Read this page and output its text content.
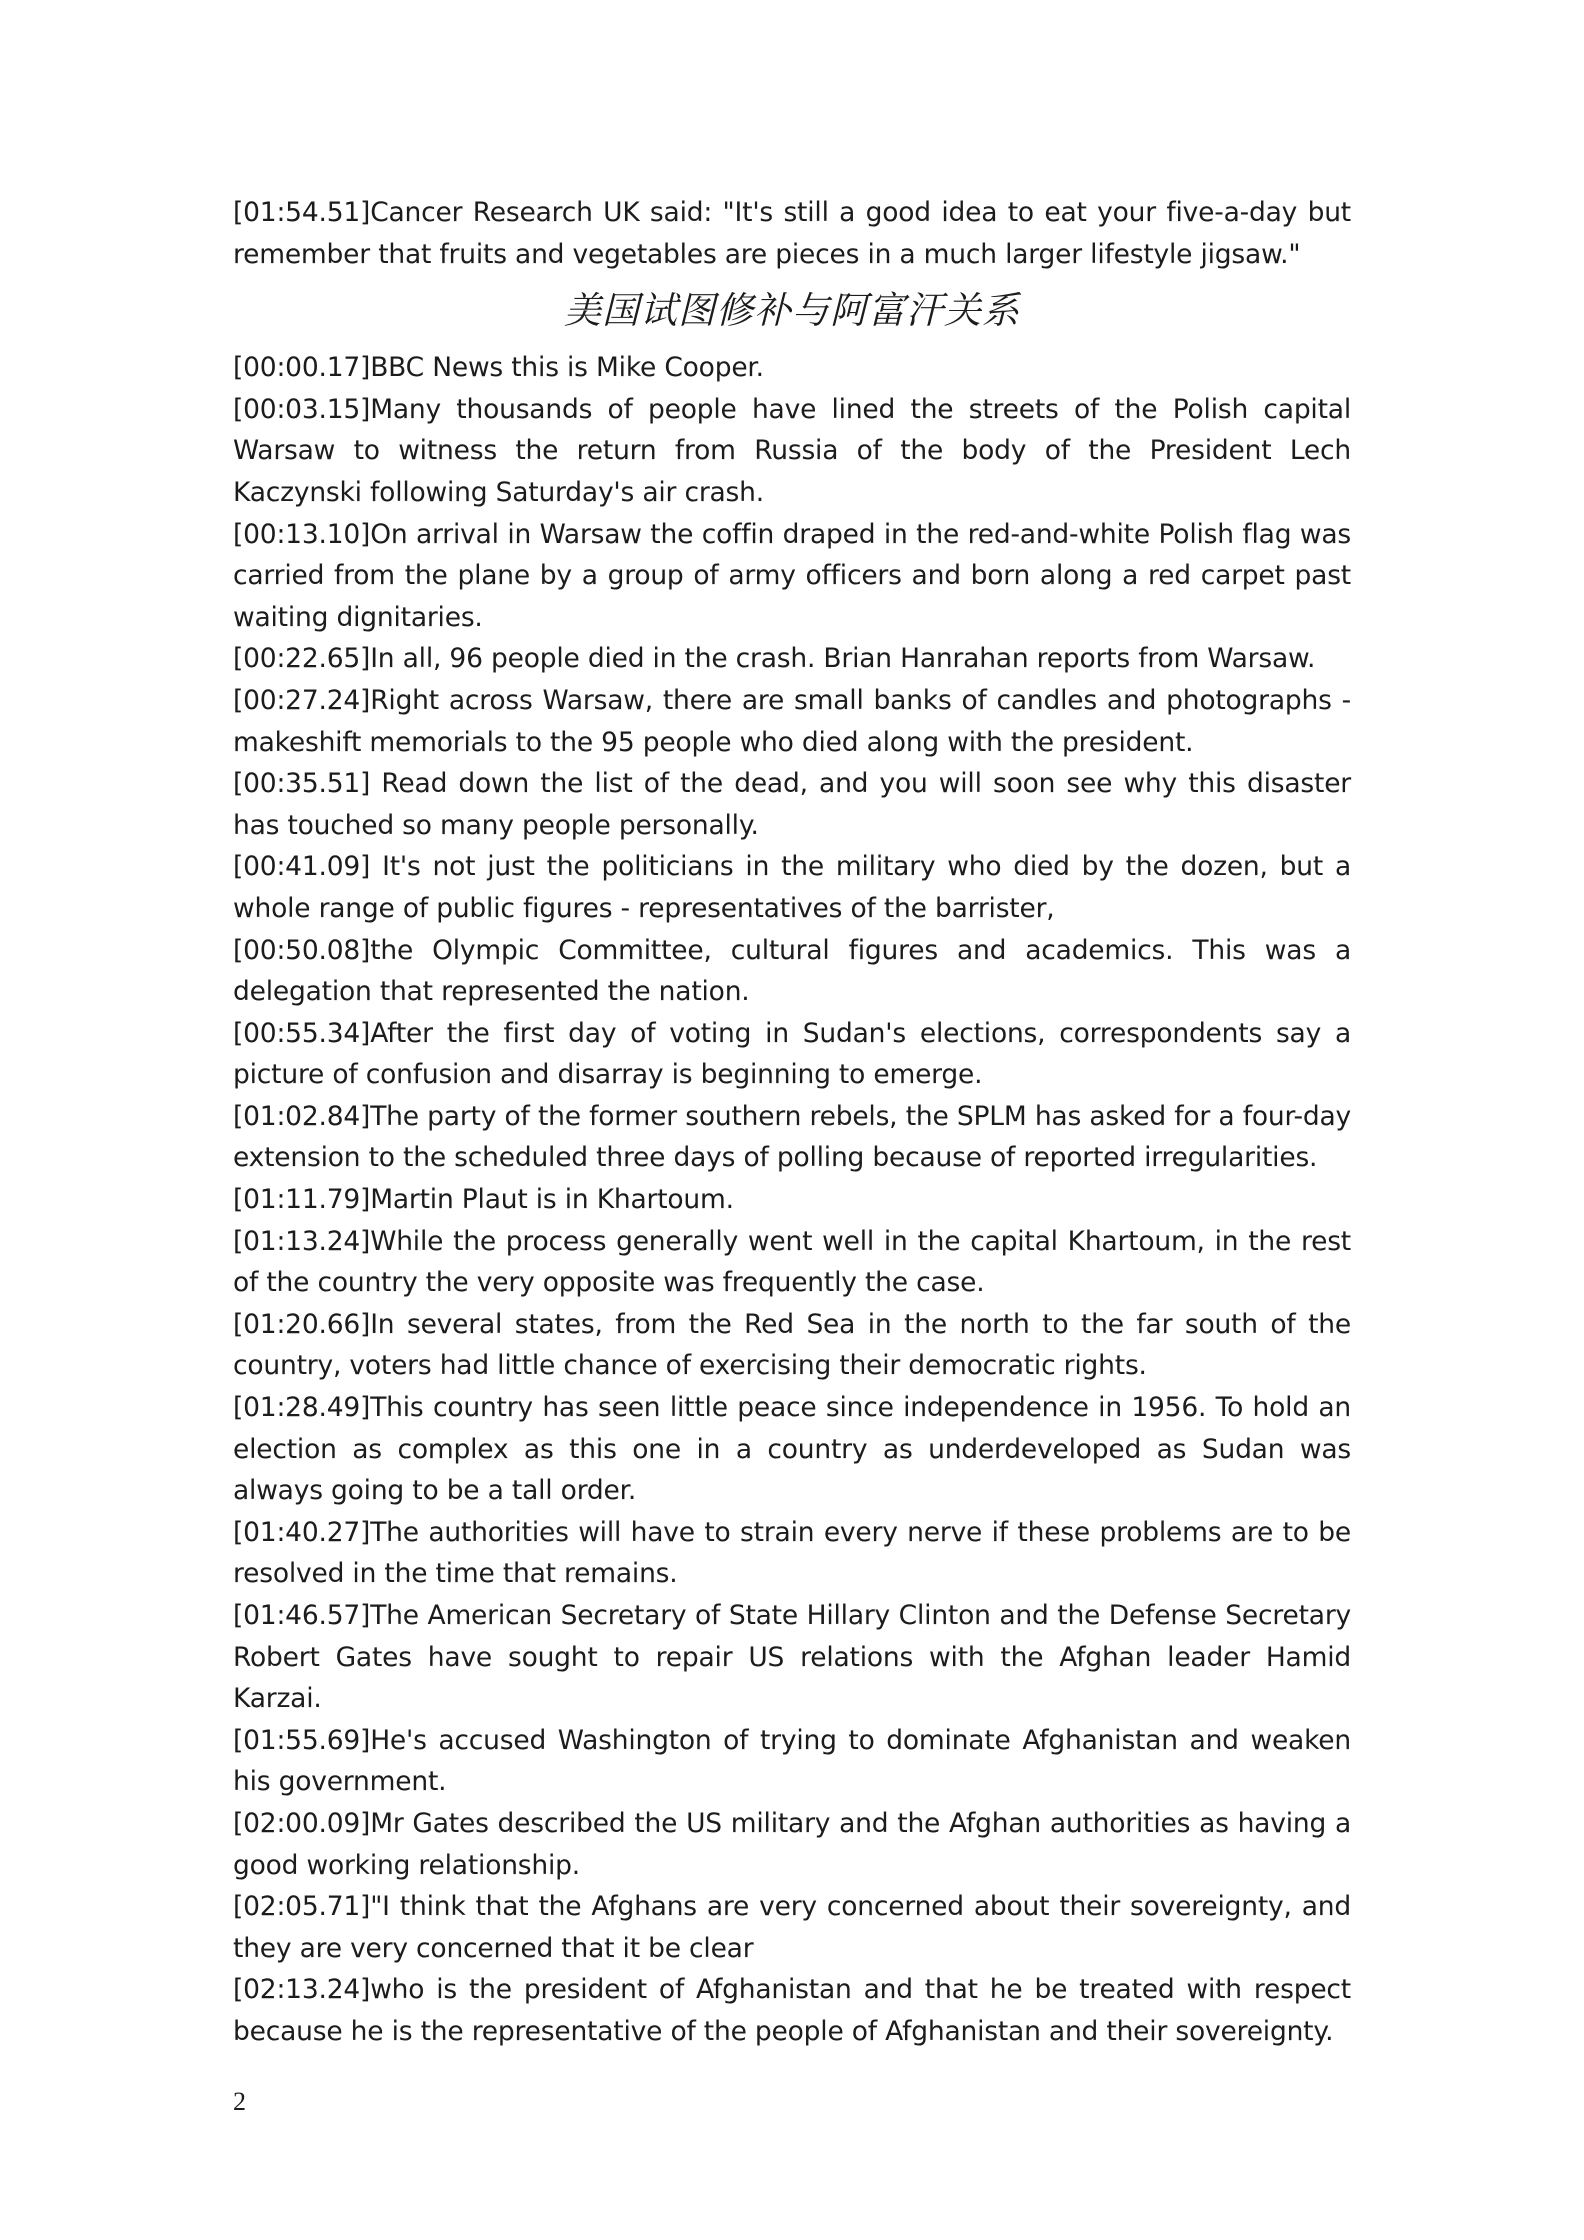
[01:54.51]Cancer Research UK said: "It's still a good idea to eat your five-a-day but remember that fruits and vegetables are pieces in a much larger lifestyle jigsaw."

美国试图修补与阿富汗关系

[00:00.17]BBC News this is Mike Cooper.

[00:03.15]Many thousands of people have lined the streets of the Polish capital Warsaw to witness the return from Russia of the body of the President Lech Kaczynski following Saturday's air crash.

[00:13.10]On arrival in Warsaw the coffin draped in the red-and-white Polish flag was carried from the plane by a group of army officers and born along a red carpet past waiting dignitaries.

[00:22.65]In all, 96 people died in the crash. Brian Hanrahan reports from Warsaw.

[00:27.24]Right across Warsaw, there are small banks of candles and photographs - makeshift memorials to the 95 people who died along with the president.

[00:35.51] Read down the list of the dead, and you will soon see why this disaster has touched so many people personally.

[00:41.09] It's not just the politicians in the military who died by the dozen, but a whole range of public figures - representatives of the barrister,

[00:50.08]the Olympic Committee, cultural figures and academics. This was a delegation that represented the nation.

[00:55.34]After the first day of voting in Sudan's elections, correspondents say a picture of confusion and disarray is beginning to emerge.

[01:02.84]The party of the former southern rebels, the SPLM has asked for a four-day extension to the scheduled three days of polling because of reported irregularities.

[01:11.79]Martin Plaut is in Khartoum.

[01:13.24]While the process generally went well in the capital Khartoum, in the rest of the country the very opposite was frequently the case.

[01:20.66]In several states, from the Red Sea in the north to the far south of the country, voters had little chance of exercising their democratic rights.

[01:28.49]This country has seen little peace since independence in 1956. To hold an election as complex as this one in a country as underdeveloped as Sudan was always going to be a tall order.

[01:40.27]The authorities will have to strain every nerve if these problems are to be resolved in the time that remains.

[01:46.57]The American Secretary of State Hillary Clinton and the Defense Secretary Robert Gates have sought to repair US relations with the Afghan leader Hamid Karzai.

[01:55.69]He's accused Washington of trying to dominate Afghanistan and weaken his government.

[02:00.09]Mr Gates described the US military and the Afghan authorities as having a good working relationship.

[02:05.71]"I think that the Afghans are very concerned about their sovereignty, and they are very concerned that it be clear

[02:13.24]who is the president of Afghanistan and that he be treated with respect because he is the representative of the people of Afghanistan and their sovereignty.

2
